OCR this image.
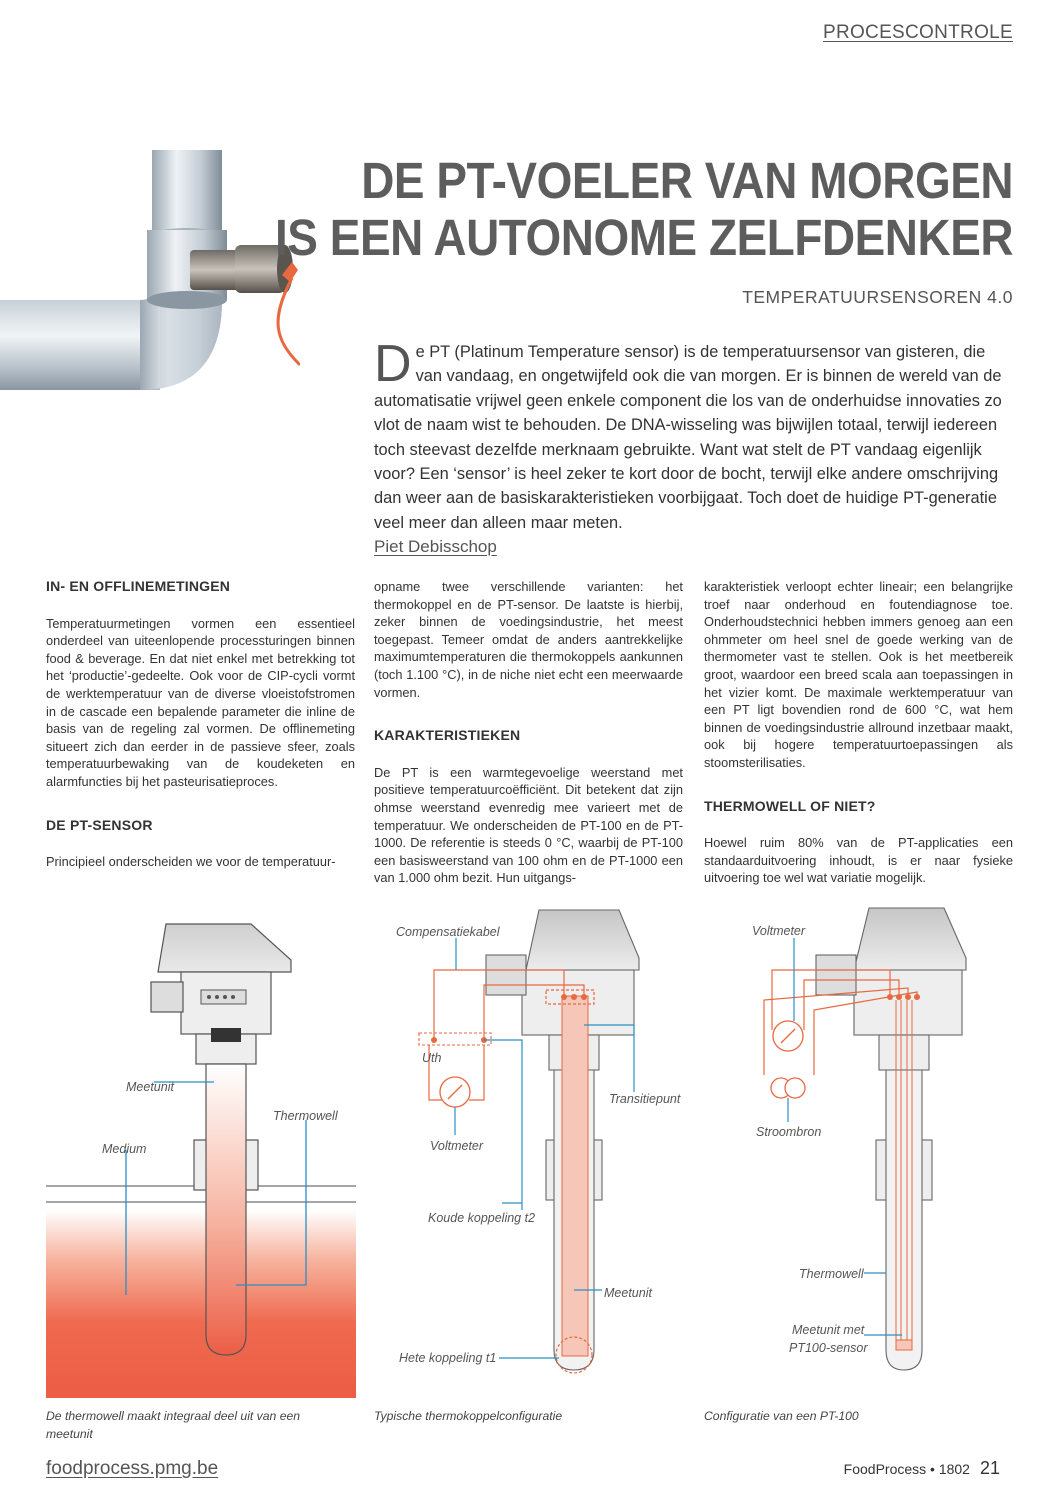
PROCESCONTROLE
DE PT-VOELER VAN MORGEN
IS EEN AUTONOME ZELFDENKER
TEMPERATUURSENSOREN 4.0
De PT (Platinum Temperature sensor) is de temperatuursensor van gisteren, die van vandaag, en ongetwijfeld ook die van morgen. Er is binnen de wereld van de automatisatie vrijwel geen enkele component die los van de onderhuidse innovaties zo vlot de naam wist te behouden. De DNA-wisseling was bijwijlen totaal, terwijl iedereen toch steevast dezelfde merknaam gebruikte. Want wat stelt de PT vandaag eigenlijk voor? Een ‘sensor’ is heel zeker te kort door de bocht, terwijl elke andere omschrijving dan weer aan de basiskarakteristieken voorbijgaat. Toch doet de huidige PT-generatie veel meer dan alleen maar meten.
Piet Debisschop
IN- EN OFFLINEMETINGEN

Temperatuurmetingen vormen een essentieel onderdeel van uiteenlopende processturingen binnen food & beverage. En dat niet enkel met betrekking tot het ‘productie’-gedeelte. Ook voor de CIP-cycli vormt de werktemperatuur van de diverse vloeistofstromen in de cascade een bepalende parameter die inline de basis van de regeling zal vormen. De offlinemeting situeert zich dan eerder in de passieve sfeer, zoals temperatuurbewaking van de koudeketen en alarmfuncties bij het pasteurisatieproces.

DE PT-SENSOR

Principieel onderscheiden we voor de temperatuur-

opname twee verschillende varianten: het thermokoppel en de PT-sensor. De laatste is hierbij, zeker binnen de voedingsindustrie, het meest toegepast. Temeer omdat de anders aantrekkelijke maximumtemperaturen die thermokoppels aankunnen (toch 1.100 °C), in de niche niet echt een meerwaarde vormen.

KARAKTERISTIEKEN

De PT is een warmtegevoelige weerstand met positieve temperatuurcoëfficiënt. Dit betekent dat zijn ohmse weerstand evenredig mee varieert met de temperatuur. We onderscheiden de PT-100 en de PT-1000. De referentie is steeds 0 °C, waarbij de PT-100 een basisweerstand van 100 ohm en de PT-1000 een van 1.000 ohm bezit. Hun uitgangs-

karakteristiek verloopt echter lineair; een belangrijke troef naar onderhoud en foutendiagnose toe. Onderhoudstechnici hebben immers genoeg aan een ohmmeter om heel snel de goede werking van de thermometer vast te stellen. Ook is het meetbereik groot, waardoor een breed scala aan toepassingen in het vizier komt. De maximale werktemperatuur van een PT ligt bovendien rond de 600 °C, wat hem binnen de voedingsindustrie allround inzetbaar maakt, ook bij hogere temperatuurtoepassingen als stoomsterilisaties.

THERMOWELL OF NIET?

Hoewel ruim 80% van de PT-applicaties een standaarduitvoering inhoudt, is er naar fysieke uitvoering toe wel wat variatie mogelijk.

Meetunit
Thermowell
Medium
Compensatiekabel
Uth
Transitiepunt
Voltmeter
Koude koppeling t2
Meetunit
Hete koppeling t1
Voltmeter
Stroombron
Thermowell
Meetunit met
PT100-sensor
De thermowell maakt integraal deel uit van een meetunit
Typische thermokoppelconfiguratie	Configuratie van een PT-100
foodprocess.pmg.be	FoodProcess • 1802 21
